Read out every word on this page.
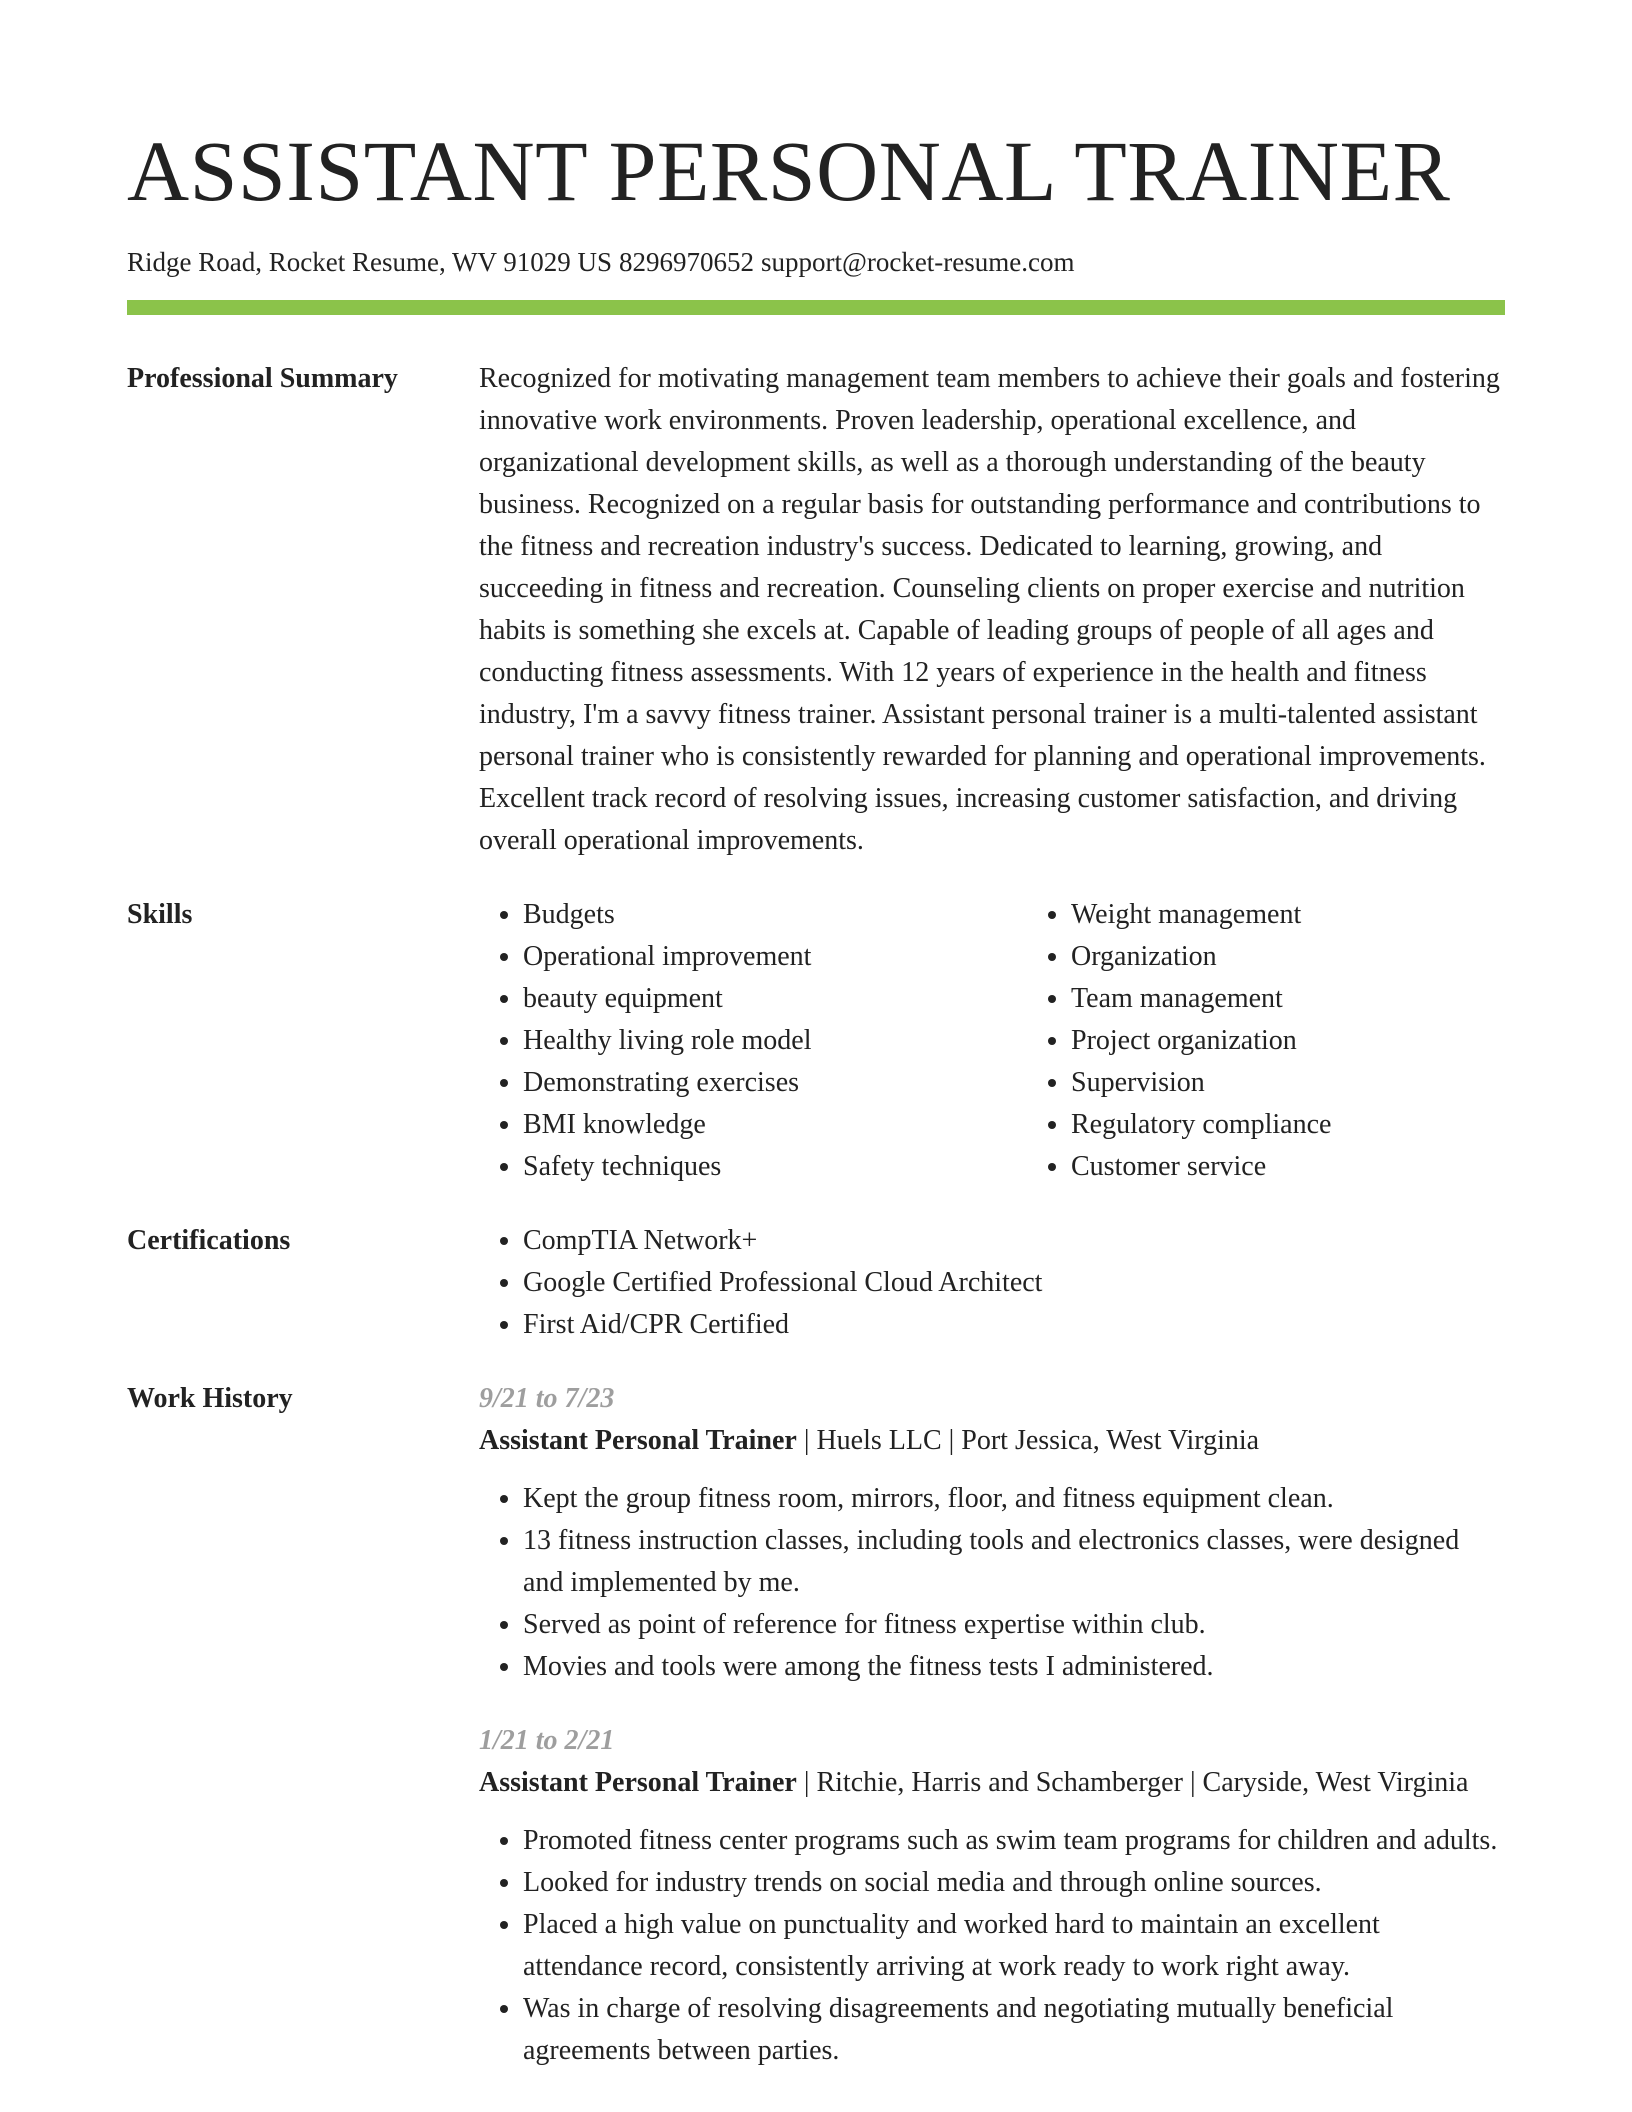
ASSISTANT PERSONAL TRAINER
Ridge Road, Rocket Resume, WV 91029 US 8296970652 support@rocket-resume.com
Professional Summary	Recognized for motivating management team members to achieve their goals and fostering innovative work environments. Proven leadership, operational excellence, and organizational development skills, as well as a thorough understanding of the beauty business. Recognized on a regular basis for outstanding performance and contributions to the fitness and recreation industry's success. Dedicated to learning, growing, and succeeding in fitness and recreation. Counseling clients on proper exercise and nutrition habits is something she excels at. Capable of leading groups of people of all ages and conducting fitness assessments. With 12 years of experience in the health and fitness industry, I'm a savvy fitness trainer. Assistant personal trainer is a multi-talented assistant personal trainer who is consistently rewarded for planning and operational improvements. Excellent track record of resolving issues, increasing customer satisfaction, and driving overall operational improvements.

Skills	• Budgets
• Operational improvement
• beauty equipment
• Healthy living role model
• Demonstrating exercises
• BMI knowledge
• Safety techniques
• Weight management
• Organization
• Team management
• Project organization
• Supervision
• Regulatory compliance
• Customer service
Certifications	• CompTIA Network+
• Google Certified Professional Cloud Architect
• First Aid/CPR Certified
Work History	9/21 to 7/23
Assistant Personal Trainer | Huels LLC | Port Jessica, West Virginia
• Kept the group fitness room, mirrors, floor, and fitness equipment clean.
• 13 fitness instruction classes, including tools and electronics classes, were designed and implemented by me.
• Served as point of reference for fitness expertise within club.
• Movies and tools were among the fitness tests I administered.
1/21 to 2/21
Assistant Personal Trainer | Ritchie, Harris and Schamberger | Caryside, West Virginia
• Promoted fitness center programs such as swim team programs for children and adults.
• Looked for industry trends on social media and through online sources.
• Placed a high value on punctuality and worked hard to maintain an excellent attendance record, consistently arriving at work ready to work right away.
• Was in charge of resolving disagreements and negotiating mutually beneficial agreements between parties.
